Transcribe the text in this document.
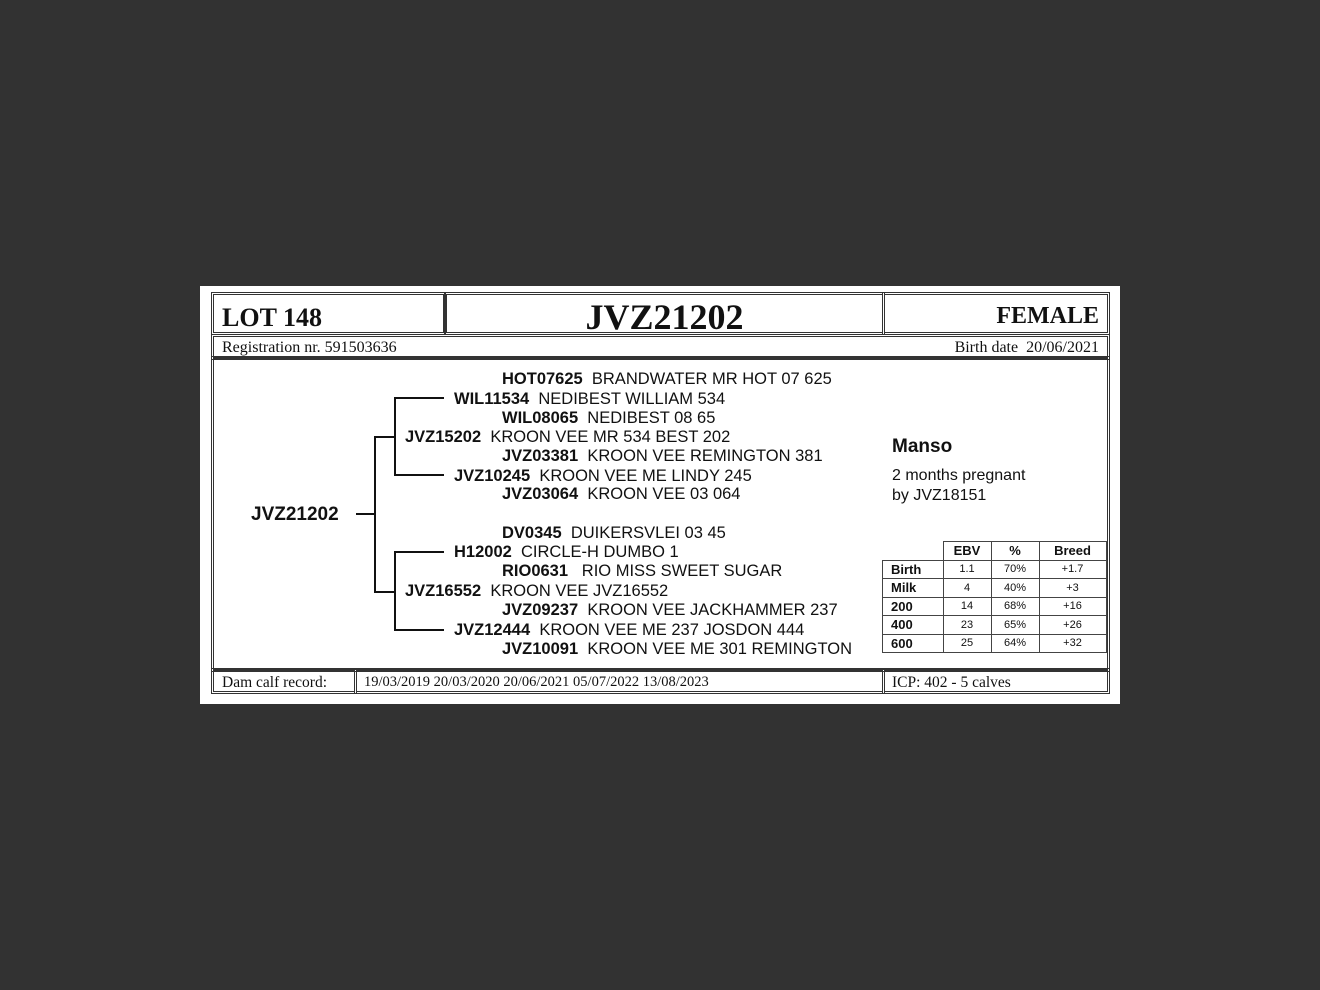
LOT 148	JVZ21202	FEMALE
Registration nr. 591503636	Birth date 20/06/2021
JVZ21202
HOT07625 BRANDWATER MR HOT 07 625
WIL11534 NEDIBEST WILLIAM 534
WIL08065 NEDIBEST 08 65
JVZ15202 KROON VEE MR 534 BEST 202
JVZ03381 KROON VEE REMINGTON 381
JVZ10245 KROON VEE ME LINDY 245
JVZ03064 KROON VEE 03 064
DV0345 DUIKERSVLEI 03 45
H12002 CIRCLE-H DUMBO 1
RIO0631   RIO MISS SWEET SUGAR
JVZ16552 KROON VEE JVZ16552
JVZ09237 KROON VEE JACKHAMMER 237
JVZ12444 KROON VEE ME 237 JOSDON 444
JVZ10091 KROON VEE ME 301 REMINGTON
Manso
2 months pregnant
by JVZ18151
	EBV	%	Breed
Birth	1.1	70%	+1.7
Milk	4	40%	+3
200	14	68%	+16
400	23	65%	+26
600	25	64%	+32
Dam calf record:	19/03/2019 20/03/2020 20/06/2021 05/07/2022 13/08/2023	ICP: 402 - 5 calves
